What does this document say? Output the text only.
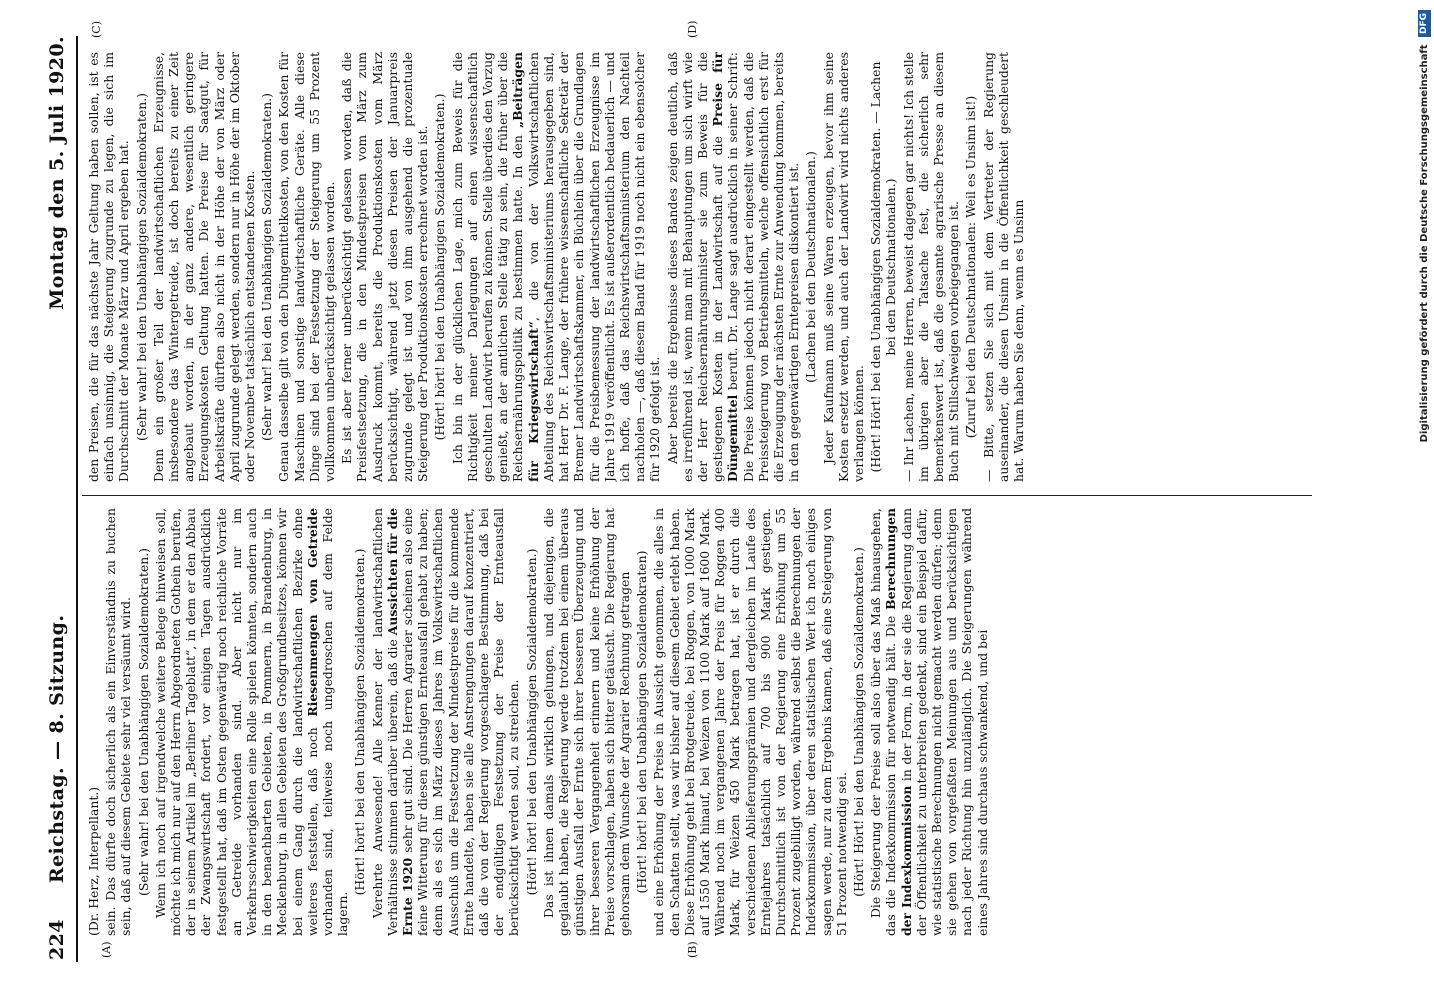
224Reichstag. — 8. Sitzung.
Montag den 5. Juli 1920.
(A)	(B)
(C)	(D)

(Dr. Herz, Interpellant.) sein. Das dürfte doch sicherlich als ein Einverständnis zu buchen sein, daß auf diesem Gebiete sehr viel versäumt wird. (Sehr wahr! bei den Unabhängigen Sozialdemokraten.) Wenn ich noch auf irgendwelche weitere Belege hinweisen soll, möchte ich mich nur auf den Herrn Abgeordneten Gothein berufen, der in seinem Artikel im „Berliner Tageblatt“, in dem er den Abbau der Zwangswirtschaft fordert, vor einigen Tagen ausdrücklich festgestellt hat, daß im Osten gegenwärtig noch reichliche Vorräte an Getreide vorhanden sind. Aber nicht nur im Verkehrsschwierigkeiten eine Rolle spielen könnten, sondern auch in den benachbarten Gebieten, in Pommern, in Brandenburg, in Mecklenburg, in allen Gebieten des Großgrundbesitzes, können wir bei einem Gang durch die landwirtschaftlichen Bezirke ohne weiteres feststellen, daß noch Riesenmengen von Getreide vorhanden sind, teilweise noch ungedroschen auf dem Felde lagern.

(Hört! hört! bei den Unabhängigen Sozialdemokraten.) Verehrte Anwesende! Alle Kenner der landwirtschaftlichen Verhältnisse stimmen darüber überein, daß die Aussichten für die Ernte 1920 sehr gut sind. Die Herren Agrarier scheinen also eine feine Witterung für diesen günstigen Ernteausfall gehabt zu haben; denn als es sich im März dieses Jahres im Volkswirtschaftlichen Ausschuß um die Festsetzung der Mindestpreise für die kommende Ernte handelte, haben sie alle Anstrengungen darauf konzentriert, daß die von der Regierung vorgeschlagene Bestimmung, daß bei der endgültigen Festsetzung der Preise der Ernteausfall berücksichtigt werden soll, zu streichen. (Hört! hört! bei den Unabhängigen Sozialdemokraten.) Das ist ihnen damals wirklich gelungen, und diejenigen, die geglaubt haben, die Regierung werde trotzdem bei einem überaus günstigen Ausfall der Ernte sich ihrer besseren Überzeugung und ihrer besseren Vergangenheit erinnern und keine Erhöhung der Preise vorschlagen, haben sich bitter getäuscht. Die Regierung hat gehorsam dem Wunsche der Agrarier Rechnung getragen (Hört! hört! bei den Unabhängigen Sozialdemokraten) und eine Erhöhung der Preise in Aussicht genommen, die alles in den Schatten stellt, was wir bisher auf diesem Gebiet erlebt haben. Diese Erhöhung geht bei Brotgetreide, bei Roggen, von 1000 Mark auf 1550 Mark hinauf, bei Weizen von 1100 Mark auf 1600 Mark. Während noch im vergangenen Jahre der Preis für Roggen 400 Mark, für Weizen 450 Mark betragen hat, ist er durch die verschiedenen Ablieferungsprämien und dergleichen im Laufe des Erntejahres tatsächlich auf 700 bis 900 Mark gestiegen. Durchschnittlich ist von der Regierung eine Erhöhung um 55 Prozent zugebilligt worden, während selbst die Berechnungen der Indexkommission, über deren statistischen Wert ich noch einiges sagen werde, nur zu dem Ergebnis kamen, daß eine Steigerung von 51 Prozent notwendig sei. (Hört! Hört! bei den Unabhängigen Sozialdemokraten.) Die Steigerung der Preise soll also über das Maß hinausgehen, das die Indexkommission für notwendig hält. Die Berechnungen der Indexkommission in der Form, in der sie die Regierung dann der Öffentlichkeit zu unterbreiten gedenkt, sind ein Beispiel dafür, wie statistische Berechnungen nicht gemacht werden dürfen; denn sie gehen von vorgefaßten Meinungen aus und berücksichtigen nach jeder Richtung hin unzulänglich. Die Steigerungen während eines Jahres sind durchaus schwankend, und bei

den Preisen, die für das nächste Jahr Geltung haben sollen, ist es einfach unsinnig, die Steigerung zugrunde zu legen, die sich im Durchschnitt der Monate März und April ergeben hat. (Sehr wahr! bei den Unabhängigen Sozialdemokraten.) Denn ein großer Teil der landwirtschaftlichen Erzeugnisse, insbesondere das Wintergetreide, ist doch bereits zu einer Zeit angebaut worden, in der ganz andere, wesentlich geringere Erzeugungskosten Geltung hatten. Die Preise für Saatgut, für Arbeitskräfte dürften also nicht in der Höhe der von März oder April zugrunde gelegt werden, sondern nur in Höhe der im Oktober oder November tatsächlich entstandenen Kosten. (Sehr wahr! bei den Unabhängigen Sozialdemokraten.) Genau dasselbe gilt von den Düngemittelkosten, von den Kosten für Maschinen und sonstige landwirtschaftliche Geräte. Alle diese Dinge sind bei der Festsetzung der Steigerung um 55 Prozent vollkommen unberücksichtigt gelassen worden. Es ist aber ferner unberücksichtigt gelassen worden, daß die Preisfestsetzung, die in den Mindestpreisen vom März zum Ausdruck kommt, bereits die Produktionskosten vom März berücksichtigt, während jetzt diesen Preisen der Januarpreis zugrunde gelegt ist und von ihm ausgehend die prozentuale Steigerung der Produktionskosten errechnet worden ist. (Hört! hört! bei den Unabhängigen Sozialdemokraten.) Ich bin in der glücklichen Lage, mich zum Beweis für die Richtigkeit meiner Darlegungen auf einen wissenschaftlich geschulten Landwirt berufen zu können. Stelle überdies den Vorzug genießt, an der amtlichen Stelle tätig zu sein, die früher über die Reichsernährungspolitik zu bestimmen hatte. In den „Beiträgen für Kriegswirtschaft“, die von der Volkswirtschaftlichen Abteilung des Reichswirtschaftsministeriums herausgegeben sind, hat Herr Dr. F. Lange, der frühere wissenschaftliche Sekretär der Bremer Landwirtschaftskammer, ein Büchlein über die Grundlagen für die Preisbemessung der landwirtschaftlichen Erzeugnisse im Jahre 1919 veröffentlicht. Es ist außerordentlich bedauerlich — und ich hoffe, daß das Reichswirtschaftsministerium den Nachteil nachholen —, daß diesem Band für 1919 noch nicht ein ebensolcher für 1920 gefolgt ist. Aber bereits die Ergebnisse dieses Bandes zeigen deutlich, daß es irreführend ist, wenn man mit Behauptungen um sich wirft wie der Herr Reichsernährungsminister sie zum Beweis für die gestiegenen Kosten in der Landwirtschaft auf die Preise für Düngemittel beruft. Dr. Lange sagt ausdrücklich in seiner Schrift: Die Preise können jedoch nicht derart eingestellt werden, daß die Preissteigerung von Betriebsmitteln, welche offensichtlich erst für die Erzeugung der nächsten Ernte zur Anwendung kommen, bereits in den gegenwärtigen Erntepreisen diskontiert ist. (Lachen bei den Deutschnationalen.) Jeder Kaufmann muß seine Waren erzeugen, bevor ihm seine Kosten ersetzt werden, und auch der Landwirt wird nichts anderes verlangen können. (Hört! Hört! bei den Unabhängigen Sozialdemokraten. — Lachen bei den Deutschnationalen.) — Ihr Lachen, meine Herren, beweist dagegen gar nichts! Ich stelle im übrigen aber die Tatsache fest, die sicherlich sehr bemerkenswert ist, daß die gesamte agrarische Presse an diesem Buch mit Stillschweigen vorbeigegangen ist. (Zuruf bei den Deutschnationalen: Weil es Unsinn ist!) — Bitte, setzen Sie sich mit dem Vertreter der Regierung auseinander, die diesen Unsinn in die Öffentlichkeit geschleudert hat. Warum haben Sie denn, wenn es Unsinn	Digitalisierung gefördert durch die Deutsche Forschungsgemeinschaft DFG
